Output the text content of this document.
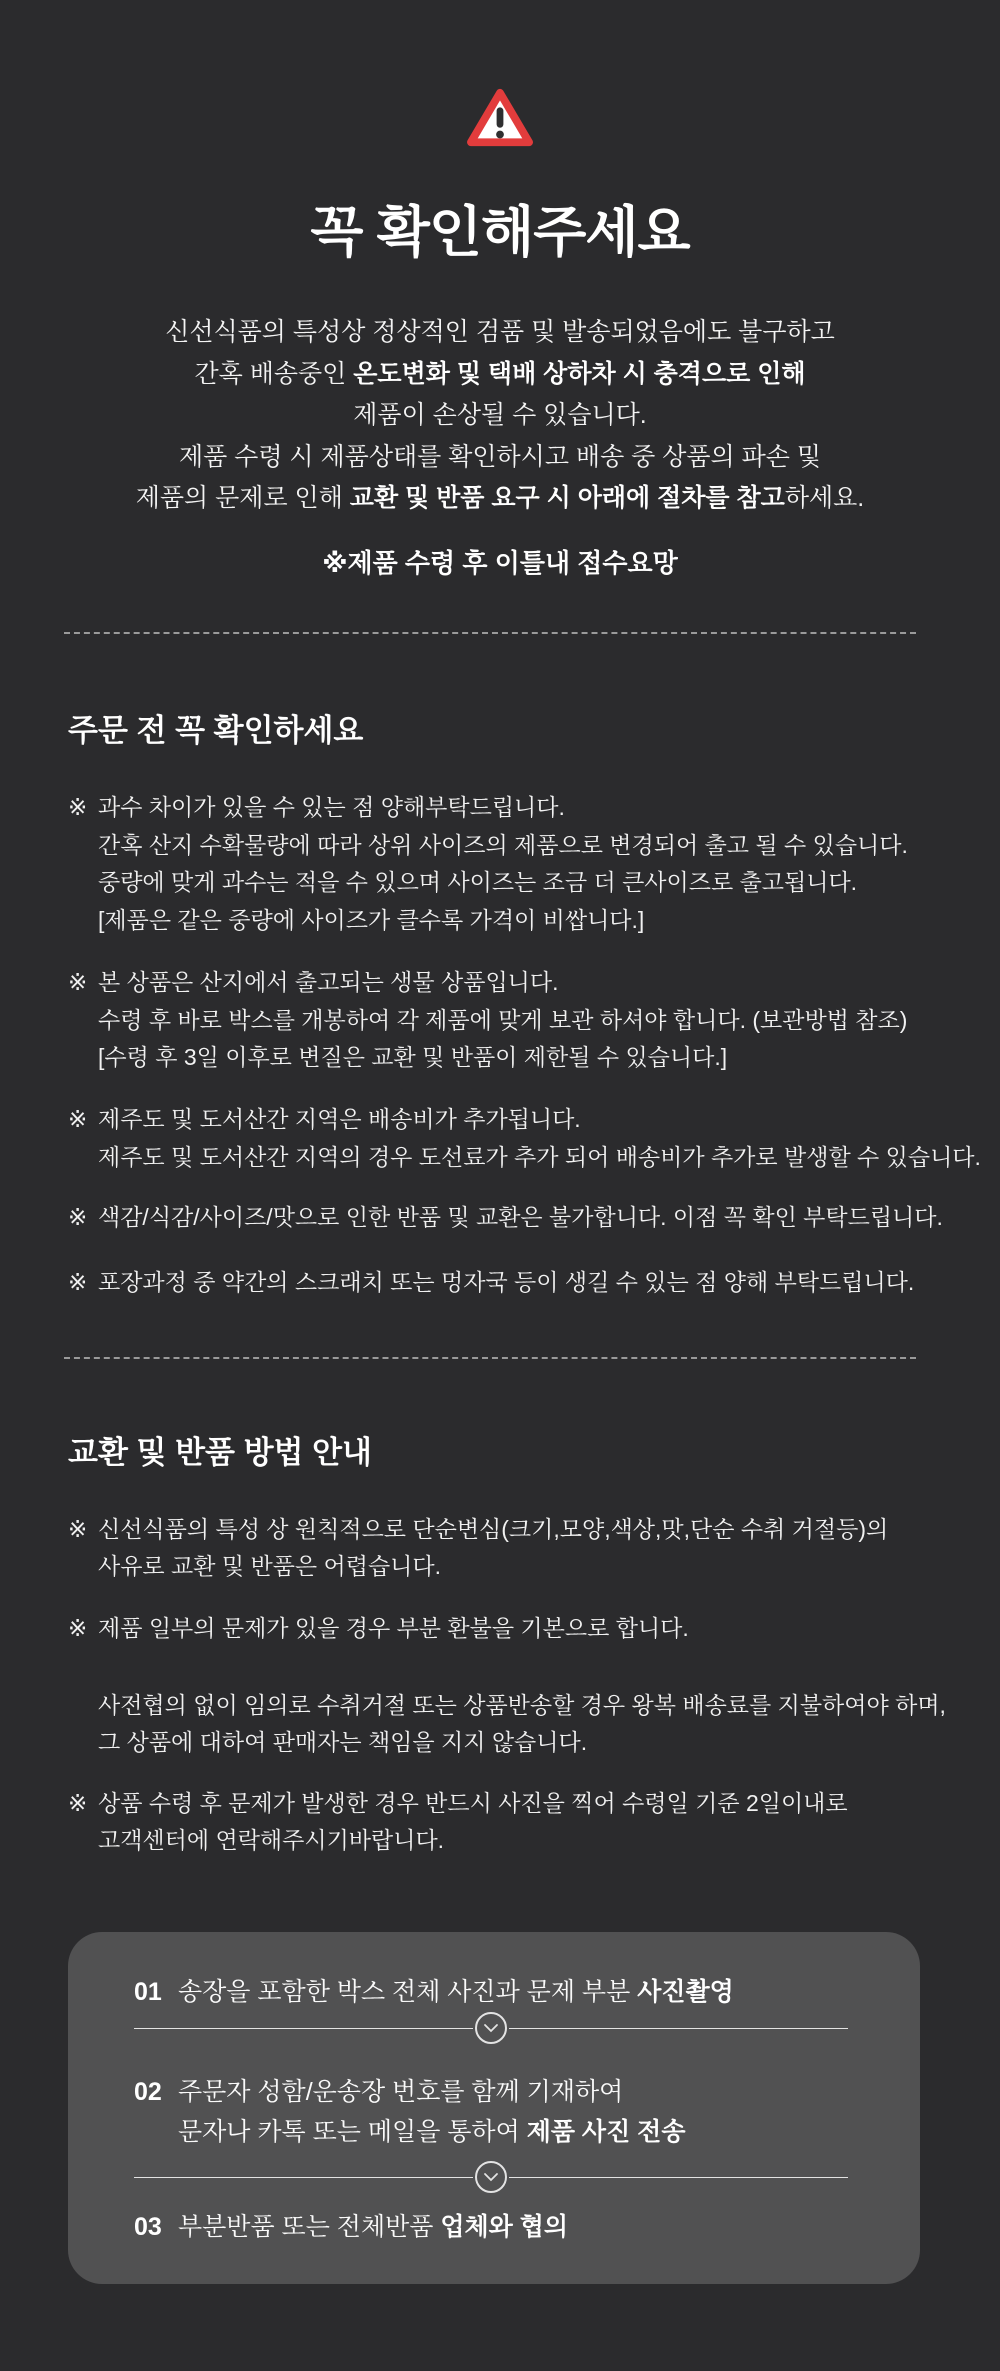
꼭 확인해주세요

신선식품의 특성상 정상적인 검품 및 발송되었음에도 불구하고
간혹 배송중인 온도변화 및 택배 상하차 시 충격으로 인해
제품이 손상될 수 있습니다.
제품 수령 시 제품상태를 확인하시고 배송 중 상품의 파손 및
제품의 문제로 인해 교환 및 반품 요구 시 아래에 절차를 참고하세요.

※제품 수령 후 이틀내 접수요망

주문 전 꼭 확인하세요
※ 과수 차이가 있을 수 있는 점 양해부탁드립니다.
간혹 산지 수확물량에 따라 상위 사이즈의 제품으로 변경되어 출고 될 수 있습니다.
중량에 맞게 과수는 적을 수 있으며 사이즈는 조금 더 큰사이즈로 출고됩니다.
[제품은 같은 중량에 사이즈가 클수록 가격이 비쌉니다.]
※ 본 상품은 산지에서 출고되는 생물 상품입니다.
수령 후 바로 박스를 개봉하여 각 제품에 맞게 보관 하셔야 합니다. (보관방법 참조)
[수령 후 3일 이후로 변질은 교환 및 반품이 제한될 수 있습니다.]
※ 제주도 및 도서산간 지역은 배송비가 추가됩니다.
제주도 및 도서산간 지역의 경우 도선료가 추가 되어 배송비가 추가로 발생할 수 있습니다.
※ 색감/식감/사이즈/맛으로 인한 반품 및 교환은 불가합니다. 이점 꼭 확인 부탁드립니다.
※ 포장과정 중 약간의 스크래치 또는 멍자국 등이 생길 수 있는 점 양해 부탁드립니다.
교환 및 반품 방법 안내
※ 신선식품의 특성 상 원칙적으로 단순변심(크기,모양,색상,맛,단순 수취 거절등)의
사유로 교환 및 반품은 어렵습니다.
※ 제품 일부의 문제가 있을 경우 부분 환불을 기본으로 합니다.
사전협의 없이 임의로 수취거절 또는 상품반송할 경우 왕복 배송료를 지불하여야 하며,
그 상품에 대하여 판매자는 책임을 지지 않습니다.
※ 상품 수령 후 문제가 발생한 경우 반드시 사진을 찍어 수령일 기준 2일이내로
고객센터에 연락해주시기바랍니다.
01 송장을 포함한 박스 전체 사진과 문제 부분 사진촬영
02 주문자 성함/운송장 번호를 함께 기재하여
문자나 카톡 또는 메일을 통하여 제품 사진 전송
03 부분반품 또는 전체반품 업체와 협의
